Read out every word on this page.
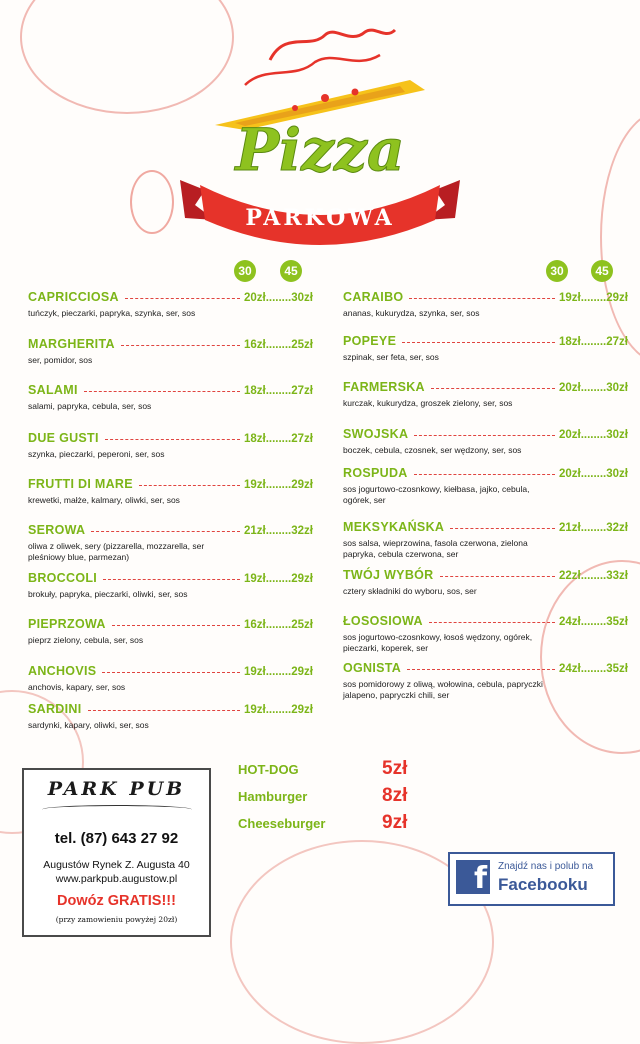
Pizza
PARKOWA
30	45	30	45
CAPRICCIOSA	20zł ........ 30zł
tuńczyk, pieczarki, papryka, szynka, ser, sos
MARGHERITA	16zł ........ 25zł
ser, pomidor, sos
SALAMI	18zł ........ 27zł
salami, papryka, cebula, ser, sos
DUE GUSTI	18zł ........ 27zł
szynka, pieczarki, peperoni, ser, sos
FRUTTI DI MARE	19zł ........ 29zł
krewetki, małże, kalmary, oliwki, ser, sos
SEROWA	21zł ........ 32zł
oliwa z oliwek, sery (pizzarella, mozzarella, ser pleśniowy blue, parmezan)
BROCCOLI	19zł ........ 29zł
brokuły, papryka, pieczarki, oliwki, ser, sos
PIEPRZOWA	16zł ........ 25zł
pieprz zielony, cebula, ser, sos
ANCHOVIS	19zł ........ 29zł
anchovis, kapary, ser, sos
SARDINI	19zł ........ 29zł
sardynki, kapary, oliwki, ser, sos
CARAIBO	19zł ........ 29zł
ananas, kukurydza, szynka, ser, sos
POPEYE	18zł ........ 27zł
szpinak, ser feta, ser, sos
FARMERSKA	20zł ........ 30zł
kurczak, kukurydza, groszek zielony, ser, sos
SWOJSKA	20zł ........ 30zł
boczek, cebula, czosnek, ser wędzony, ser, sos
ROSPUDA	20zł ........ 30zł
sos jogurtowo-czosnkowy, kiełbasa, jajko, cebula, ogórek, ser
MEKSYKAŃSKA	21zł ........ 32zł
sos salsa, wieprzowina, fasola czerwona, zielona papryka, cebula czerwona, ser
TWÓJ WYBÓR	22zł ........ 33zł
cztery składniki do wyboru, sos, ser
ŁOSOSIOWA	24zł ........ 35zł
sos jogurtowo-czosnkowy, łosoś wędzony, ogórek, pieczarki, koperek, ser
OGNISTA	24zł ........ 35zł
sos pomidorowy z oliwą, wołowina, cebula, papryczki jalapeno, papryczki chili, ser
HOT-DOG	5zł
Hamburger	8zł
Cheeseburger	9zł
PARK PUB
tel. (87) 643 27 92
Augustów Rynek Z. Augusta 40
www.parkpub.augustow.pl
Dowóz GRATIS!!!
(przy zamowieniu powyżej 20zł)
f	Znajdź nas i polub na
Facebooku
